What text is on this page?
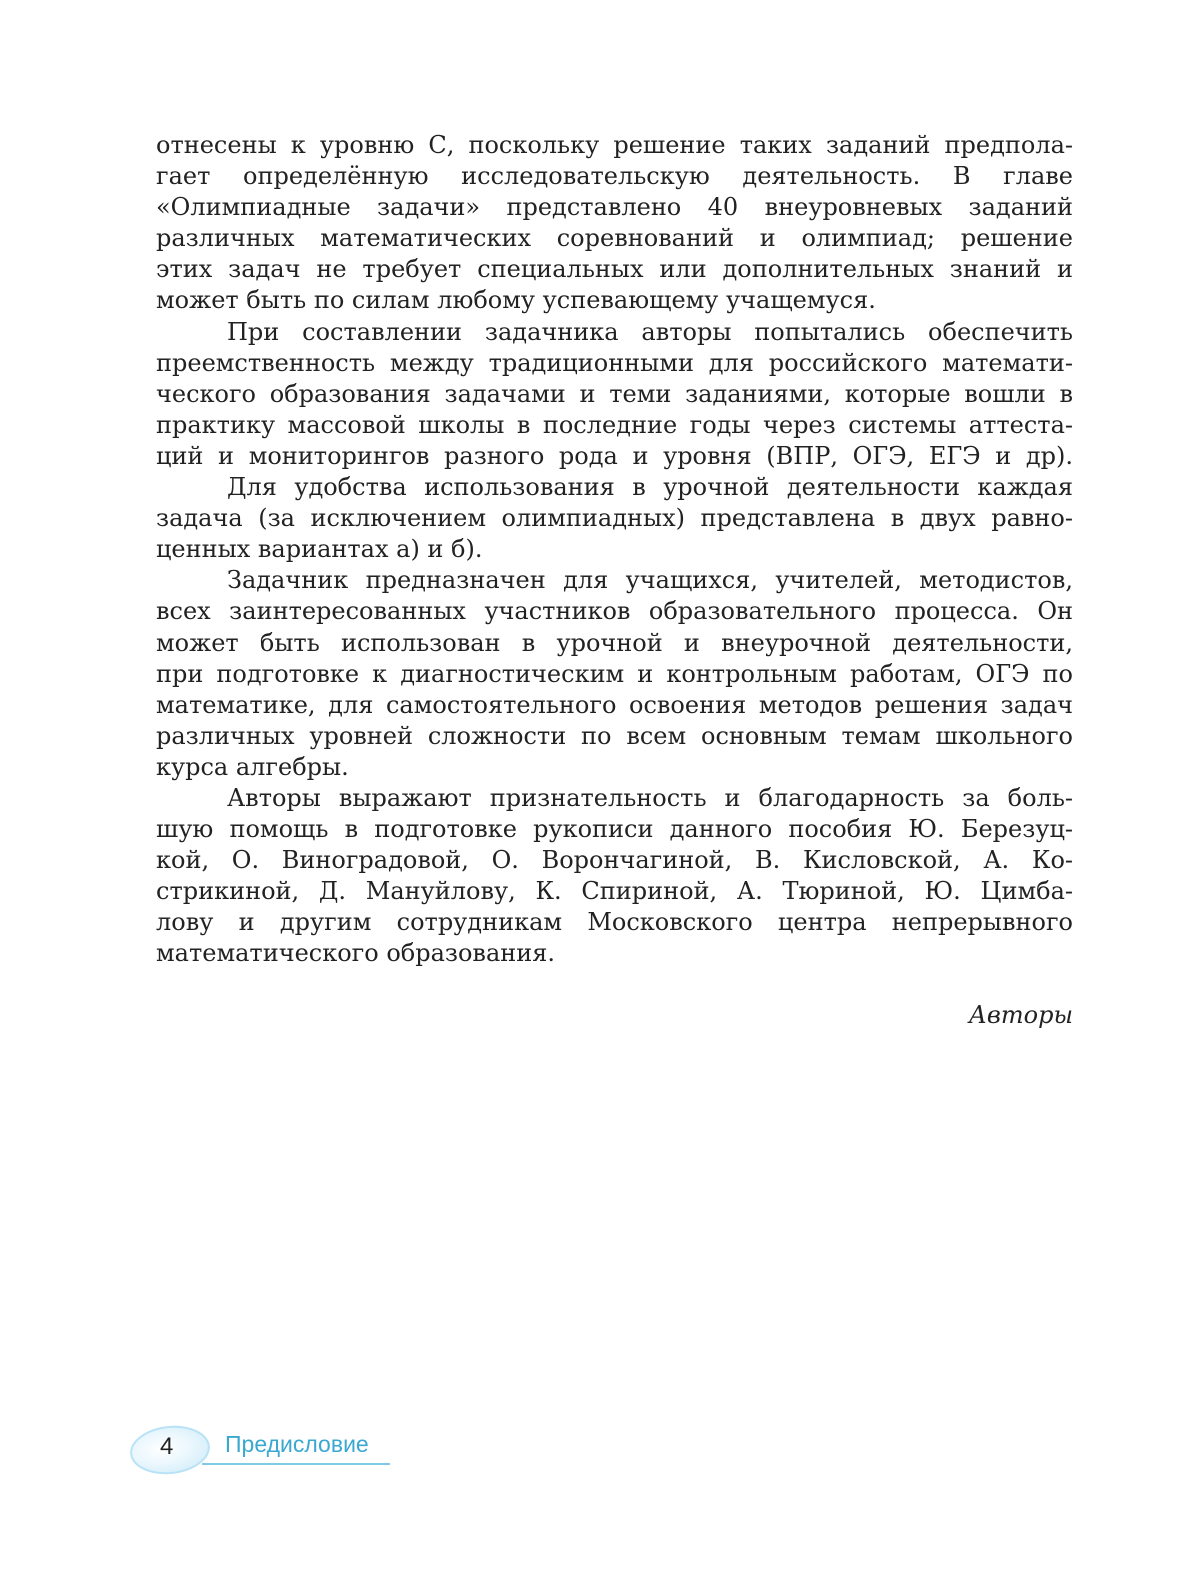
отнесены к уровню С, поскольку решение таких заданий предпола-
гает определённую исследовательскую деятельность. В главе
«Олимпиадные задачи» представлено 40 внеуровневых заданий
различных математических соревнований и олимпиад; решение
этих задач не требует специальных или дополнительных знаний и
может быть по силам любому успевающему учащемуся.
При составлении задачника авторы попытались обеспечить
преемственность между традиционными для российского математи-
ческого образования задачами и теми заданиями, которые вошли в
практику массовой школы в последние годы через системы аттеста-
ций и мониторингов разного рода и уровня (ВПР, ОГЭ, ЕГЭ и др).
Для удобства использования в урочной деятельности каждая
задача (за исключением олимпиадных) представлена в двух равно-
ценных вариантах а) и б).
Задачник предназначен для учащихся, учителей, методистов,
всех заинтересованных участников образовательного процесса. Он
может быть использован в урочной и внеурочной деятельности,
при подготовке к диагностическим и контрольным работам, ОГЭ по
математике, для самостоятельного освоения методов решения задач
различных уровней сложности по всем основным темам школьного
курса алгебры.
Авторы выражают признательность и благодарность за боль-
шую помощь в подготовке рукописи данного пособия Ю. Березуц-
кой, О. Виноградовой, О. Ворончагиной, В. Кисловской, А. Ко-
стрикиной, Д. Мануйлову, К. Спириной, А. Тюриной, Ю. Цимба-
лову и другим сотрудникам Московского центра непрерывного
математического образования.
Авторы
4 Предисловие
